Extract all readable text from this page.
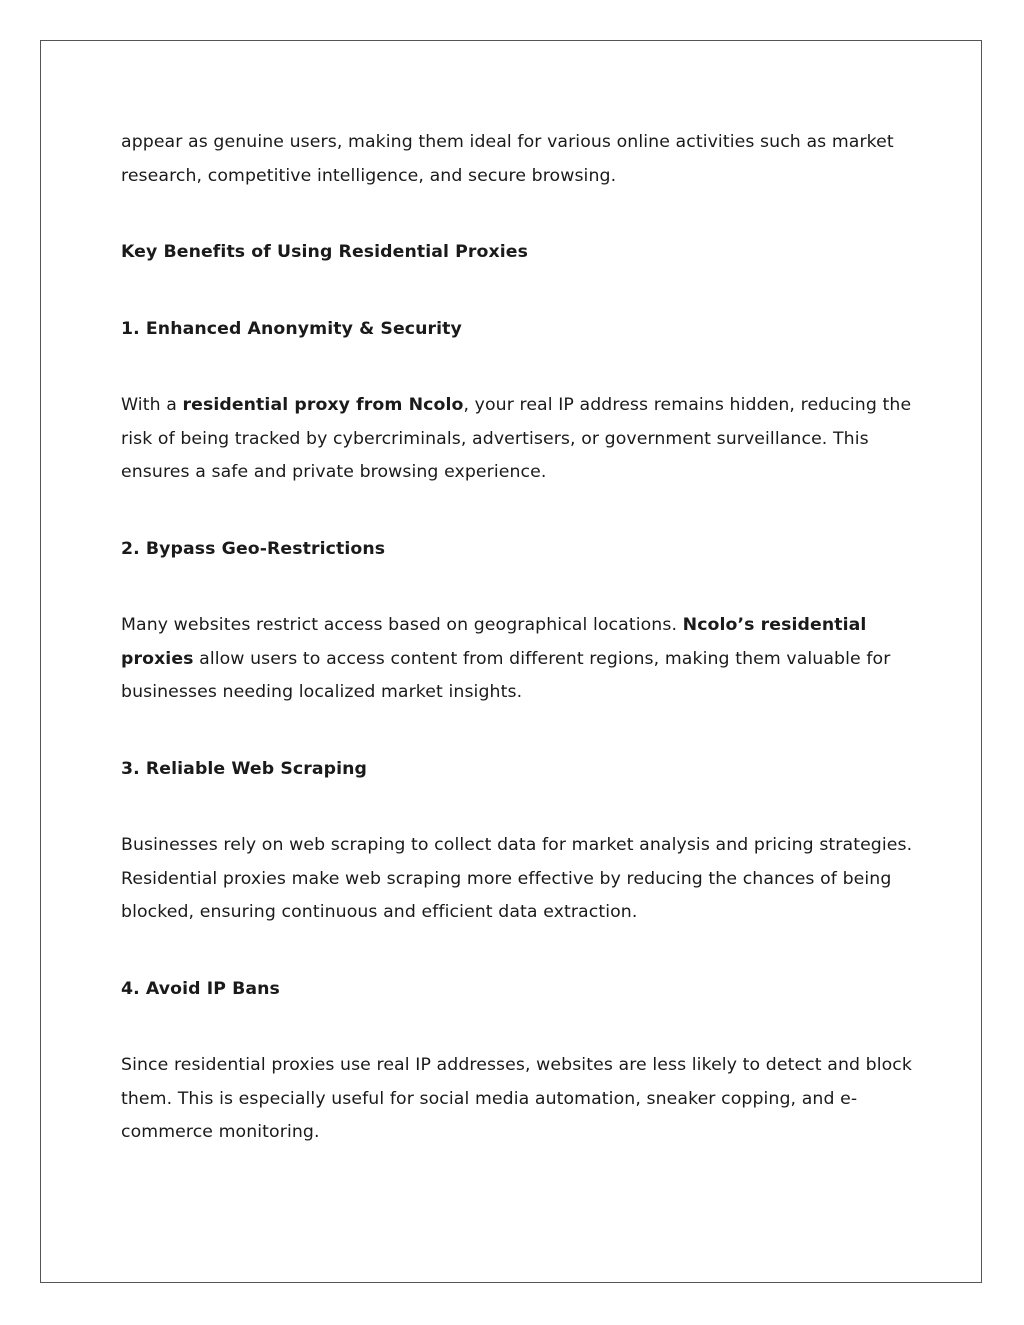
appear as genuine users, making them ideal for various online activities such as market research, competitive intelligence, and secure browsing.

Key Benefits of Using Residential Proxies

1. Enhanced Anonymity & Security

With a residential proxy from Ncolo, your real IP address remains hidden, reducing the risk of being tracked by cybercriminals, advertisers, or government surveillance. This ensures a safe and private browsing experience.

2. Bypass Geo-Restrictions

Many websites restrict access based on geographical locations. Ncolo’s residential proxies allow users to access content from different regions, making them valuable for businesses needing localized market insights.

3. Reliable Web Scraping

Businesses rely on web scraping to collect data for market analysis and pricing strategies. Residential proxies make web scraping more effective by reducing the chances of being blocked, ensuring continuous and efficient data extraction.

4. Avoid IP Bans

Since residential proxies use real IP addresses, websites are less likely to detect and block them. This is especially useful for social media automation, sneaker copping, and e-commerce monitoring.
